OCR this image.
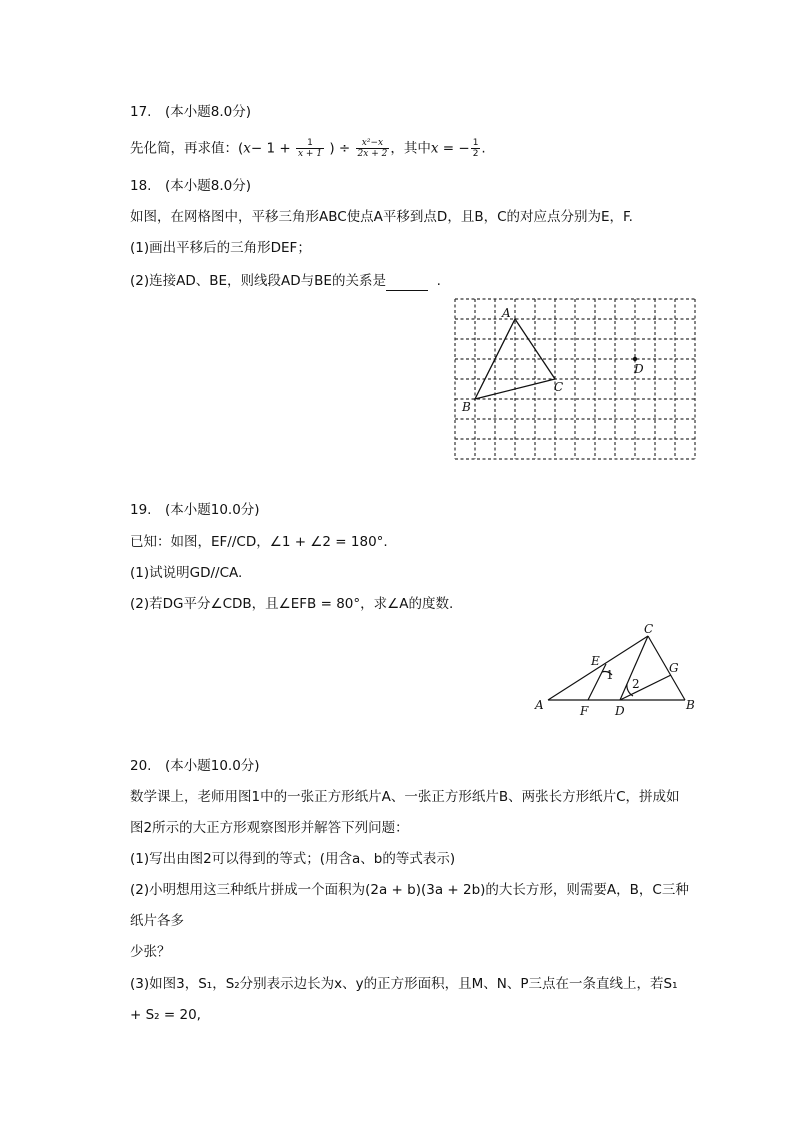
17.　(本小题8.0分)
先化简，再求值：($x- 1 + \frac{1}{x + 1}$ ) ÷ $\frac{\text{x²−x}}{2x + 2}$ ，其中x = − $\frac{1}{2}$ .
18.　(本小题8.0分)
如图，在网格图中，平移三角形ABC使点A平移到点D，且B，C的对应点分别为E，F.
(1)画出平移后的三角形DEF；
(2)连接AD、BE，则线段AD与BE的关系是	.
A
B
C
D
19.　(本小题10.0分)
已知：如图，EF//CD，∠1 + ∠2 = 180°.
(1)试说明GD//CA.
(2)若DG平分∠CDB，且∠EFB = 80°，求∠A的度数.
A	B
C
D
E
F
G
1
2
20.　(本小题10.0分)
数学课上，老师用图1中的一张正方形纸片A、一张正方形纸片B、两张长方形纸片C，拼成如
图2所示的大正方形观察图形并解答下列问题：
(1)写出由图2可以得到的等式；(用含a、b的等式表示)
(2)小明想用这三种纸片拼成一个面积为(2a + b)(3a + 2b)的大长方形，则需要A，B，C三种
纸片各多
少张？
(3)如图3，S₁，S₂分别表示边长为x、y的正方形面积，且M、N、P三点在一条直线上，若S₁
+ S₂ = 20,
